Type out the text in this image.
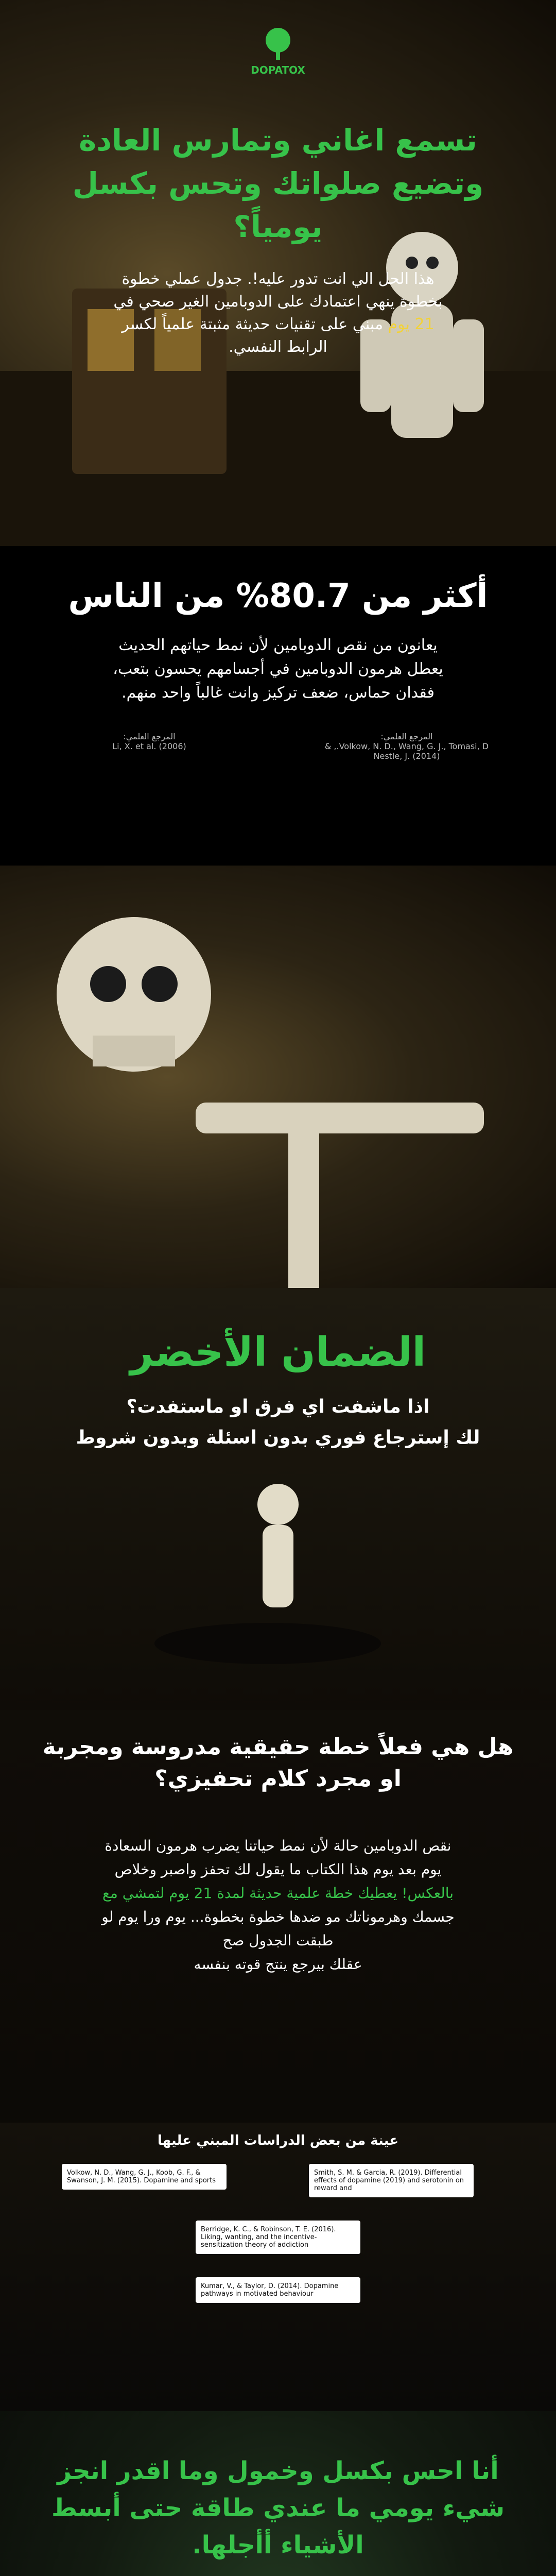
DOPATOX
تسمع اغاني وتمارس العادة
وتضيع صلواتك وتحس بكسل
يومياً؟
هذا الحل الي انت تدور عليه!. جدول عملي خطوة
بخطوة ينهي اعتمادك على الدوبامين الغير صحي في
21 يوم مبني على تقنيات حديثة مثبتة علمياً لكسر
الرابط النفسي.
أكثر من 80.7% من الناس
يعانون من نقص الدوبامين لأن نمط حياتهم الحديث
يعطل هرمون الدوبامين في أجسامهم يحسون بتعب،
فقدان حماس، ضعف تركيز وانت غالباً واحد منهم.
المرجع العلمي:
Volkow, N. D., Wang, G. J., Tomasi, D., &
Nestle, J. (2014)
المرجع العلمي:
Li, X. et al. (2006)
الضمان الأخضر
اذا ماشفت اي فرق او ماستفدت؟
لك إسترجاع فوري بدون اسئلة وبدون شروط
هل هي فعلاً خطة حقيقية مدروسة ومجربة
او مجرد كلام تحفيزي؟
نقص الدوبامين حالة لأن نمط حياتنا يضرب هرمون السعادة
يوم بعد يوم هذا الكتاب ما يقول لك تحفز واصبر وخلاص
بالعكس! يعطيك خطة علمية حديثة لمدة 21 يوم لتمشي مع
جسمك وهرموناتك مو ضدها خطوة بخطوة... يوم ورا يوم لو
طبقت الجدول صح
عقلك بيرجع ينتج قوته بنفسه
عينة من بعض الدراسات المبني عليها
Volkow, N. D., Wang, G. J., Koob, G. F., & Swanson, J. M. (2015). Dopamine and sports
Smith, S. M. & Garcia, R. (2019). Differential effects of dopamine (2019) and serotonin on reward and
Berridge, K. C., & Robinson, T. E. (2016). Liking, wanting, and the incentive-sensitization theory of addiction
Kumar, V., & Taylor, D. (2014). Dopamine pathways in motivated behaviour
أنا احس بكسل وخمول وما اقدر انجز
شيء يومي ما عندي طاقة حتى أبسط
الأشياء أأجلها.
